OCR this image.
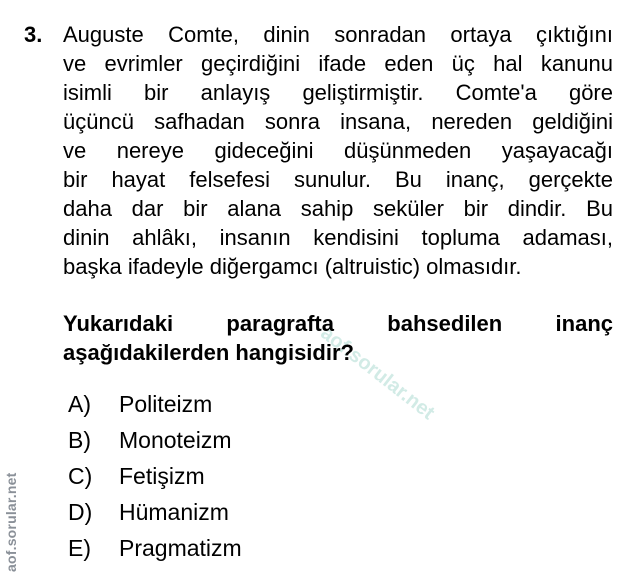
aof.sorular.net
aof.sorular.net
3. Auguste Comte, dinin sonradan ortaya çıktığını
ve evrimler geçirdiğini ifade eden üç hal kanunu
isimli bir anlayış geliştirmiştir. Comte'a göre
üçüncü safhadan sonra insana, nereden geldiğini
ve nereye gideceğini düşünmeden yaşayacağı
bir hayat felsefesi sunulur. Bu inanç, gerçekte
daha dar bir alana sahip seküler bir dindir. Bu
dinin ahlâkı, insanın kendisini topluma adaması,
başka ifadeyle diğergamcı (altruistic) olmasıdır.
Yukarıdaki paragrafta bahsedilen inanç
aşağıdakilerden hangisidir?
A)	Politeizm
B)	Monoteizm
C)	Fetişizm
D)	Hümanizm
E)	Pragmatizm
